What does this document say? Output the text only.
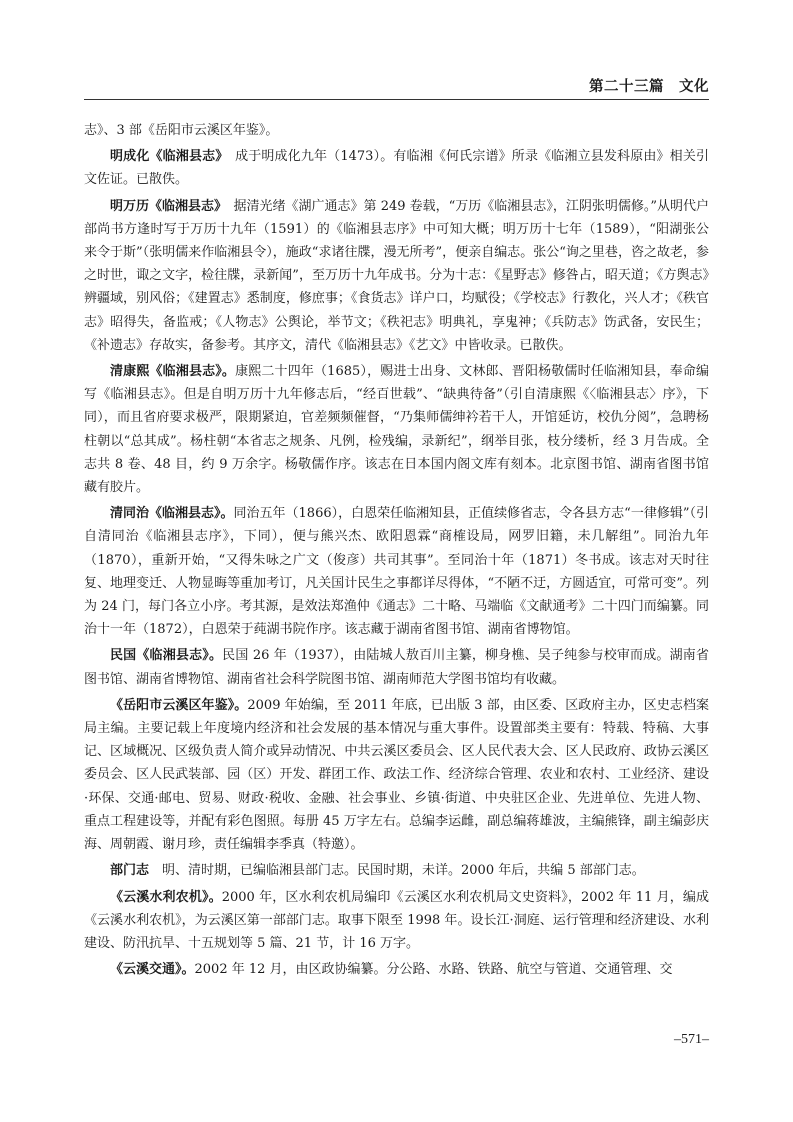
第二十三篇　文化

志》、3 部《岳阳市云溪区年鉴》。

明成化《临湘县志》　成于明成化九年（1473）。有临湘《何氏宗谱》所录《临湘立县发科原由》相关引文佐证。已散佚。

明万历《临湘县志》　据清光绪《湖广通志》第 249 卷载，“万历《临湘县志》，江阴张明儒修。”从明代户部尚书方逢时写于万历十九年（1591）的《临湘县志序》中可知大概；明万历十七年（1589），“阳湖张公来令于斯”（张明儒来作临湘县令），施政“求诸往牒，漫无所考”，便亲自编志。张公“询之里巷，咨之故老，参之时世，诹之文字，检往牒，录新闻”，至万历十九年成书。分为十志：《星野志》修咎占，昭天道；《方舆志》辨疆域，别风俗；《建置志》悉制度，修庶事；《食货志》详户口，均赋役；《学校志》行教化，兴人才；《秩官志》昭得失，备监戒；《人物志》公舆论，举节文；《秩祀志》明典礼，享鬼神；《兵防志》饬武备，安民生；《补遗志》存故实，备参考。其序文，清代《临湘县志》《艺文》中皆收录。已散佚。

清康熙《临湘县志》。康熙二十四年（1685），赐进士出身、文林郎、晋阳杨敬儒时任临湘知县，奉命编写《临湘县志》。但是自明万历十九年修志后，“经百世载”、“缺典待备”（引自清康熙《〈临湘县志〉序》，下同），而且省府要求极严，限期紧迫，官差频频催督，“乃集师儒绅衿若干人，开馆延访，校仇分阅”，急聘杨柱朝以“总其成”。杨柱朝“本省志之规条、凡例，检残编，录新纪”，纲举目张，枝分缕析，经 3 月告成。全志共 8 卷、48 目，约 9 万余字。杨敬儒作序。该志在日本国内阁文库有刻本。北京图书馆、湖南省图书馆藏有胶片。

清同治《临湘县志》。同治五年（1866），白恩荣任临湘知县，正值续修省志，令各县方志“一律修辑”（引自清同治《临湘县志序》，下同），便与熊兴杰、欧阳恩霖“商榷设局，网罗旧籍，未几解组”。同治九年（1870），重新开始，“又得朱咏之广文（俊彦）共司其事”。至同治十年（1871）冬书成。该志对天时往复、地理变迁、人物显晦等重加考订，凡关国计民生之事都详尽得体，“不陋不迂，方圆适宜，可常可变”。列为 24 门，每门各立小序。考其源，是效法郑渔仲《通志》二十略、马端临《文献通考》二十四门而编纂。同治十一年（1872），白恩荣于莼湖书院作序。该志藏于湖南省图书馆、湖南省博物馆。

民国《临湘县志》。民国 26 年（1937），由陆城人敖百川主纂，柳身樵、吴子纯参与校审而成。湖南省图书馆、湖南省博物馆、湖南省社会科学院图书馆、湖南师范大学图书馆均有收藏。

《岳阳市云溪区年鉴》。2009 年始编，至 2011 年底，已出版 3 部，由区委、区政府主办，区史志档案局主编。主要记载上年度境内经济和社会发展的基本情况与重大事件。设置部类主要有：特载、特稿、大事记、区域概况、区级负责人简介或异动情况、中共云溪区委员会、区人民代表大会、区人民政府、政协云溪区委员会、区人民武装部、园（区）开发、群团工作、政法工作、经济综合管理、农业和农村、工业经济、建设·环保、交通·邮电、贸易、财政·税收、金融、社会事业、乡镇·街道、中央驻区企业、先进单位、先进人物、重点工程建设等，并配有彩色图照。每册 45 万字左右。总编李运雌，副总编蒋雄波，主编熊锋，副主编彭庆海、周朝霞、谢月珍，责任编辑李季真（特邀）。

部门志　明、清时期，已编临湘县部门志。民国时期，未详。2000 年后，共编 5 部部门志。

《云溪水利农机》。2000 年，区水利农机局编印《云溪区水利农机局文史资料》，2002 年 11 月，编成《云溪水利农机》，为云溪区第一部部门志。取事下限至 1998 年。设长江·洞庭、运行管理和经济建设、水利建设、防汛抗旱、十五规划等 5 篇、21 节，计 16 万字。

《云溪交通》。2002 年 12 月，由区政协编纂。分公路、水路、铁路、航空与管道、交通管理、交

–571–
